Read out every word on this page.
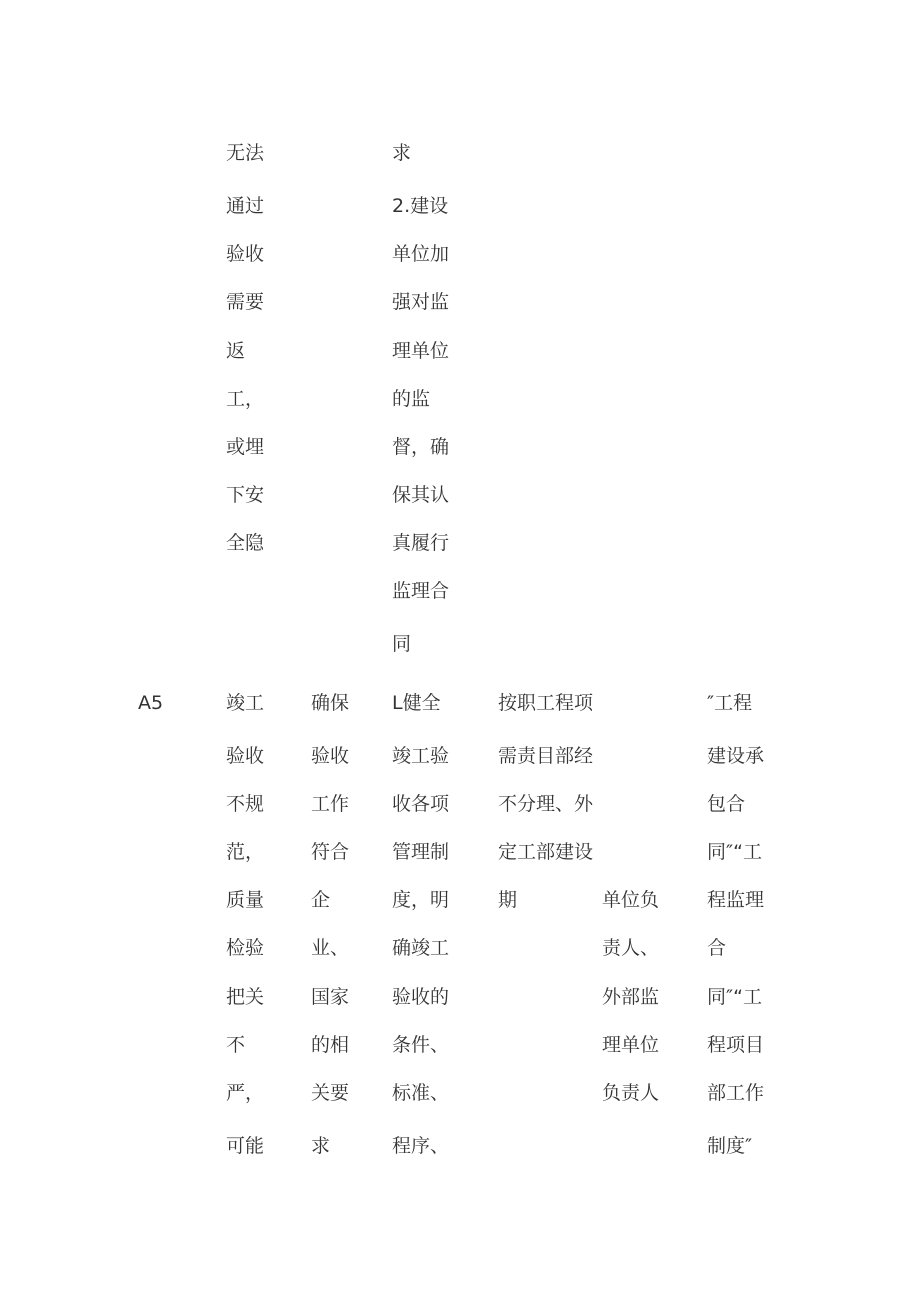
无法
通过
验收
需要
返
工，
或埋
下安
全隐
求
2.建设
单位加
强对监
理单位
的监
督，确
保其认
真履行
监理合
同
A5	竣工
验收
不规
范，
质量
检验
把关
不
严，
可能
确保
验收
工作
符合
企
业、
国家
的相
关要
求
L健全
竣工验
收各项
管理制
度，明
确竣工
验收的
条件、
标准、
程序、
按职工程项
需责目部经
不分理、外
定工部建设
期	单位负
责人、
外部监
理单位
负责人
″工程
建设承
包合
同″“工
程监理
合
同″“工
程项目
部工作
制度″
